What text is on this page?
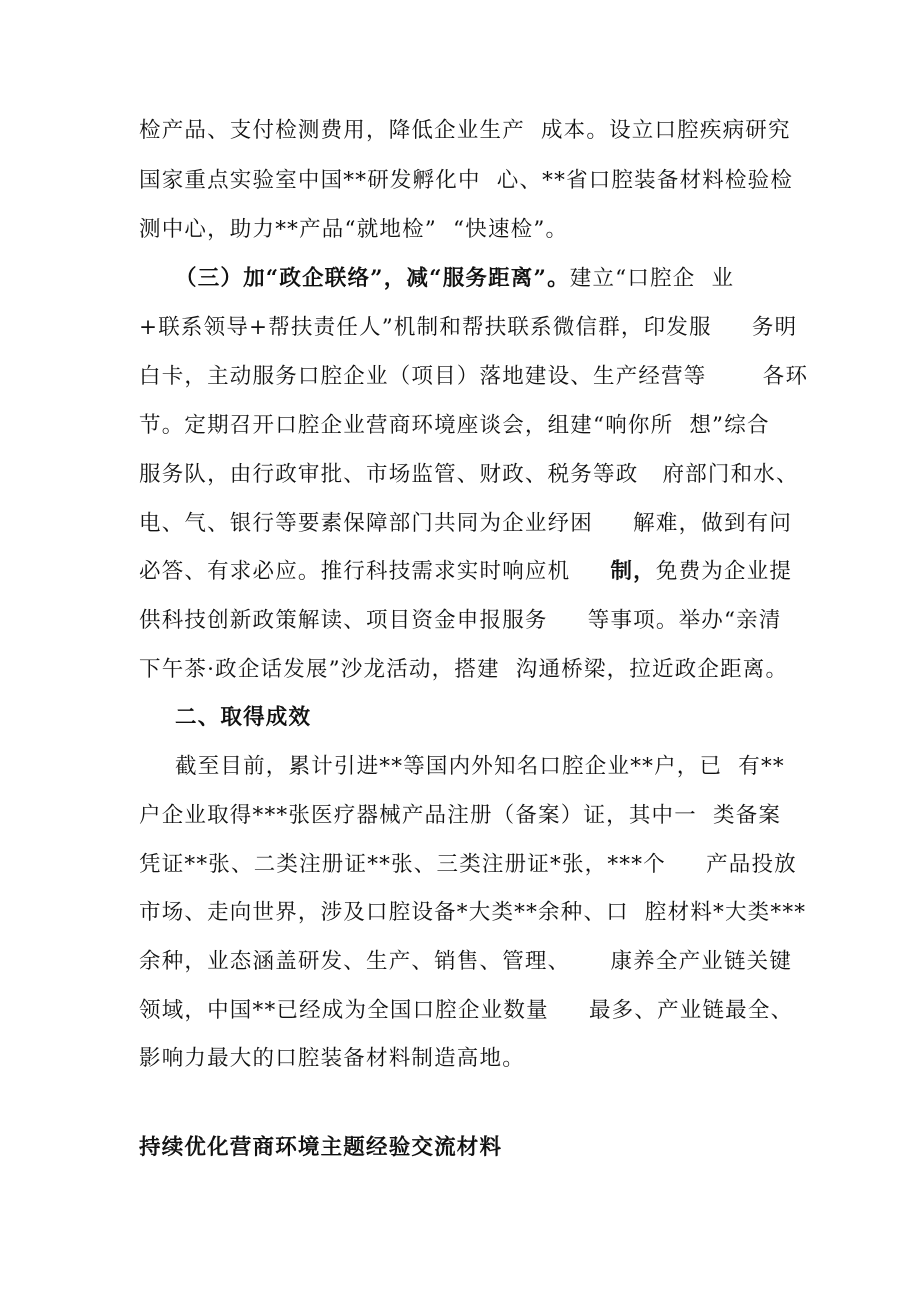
检产品、支付检测费用，降低企业生产  成本。设立口腔疾病研究
国家重点实验室中国**研发孵化中  心、**省口腔装备材料检验检
测中心，助力**产品“就地检”  “快速检”。
（三）加“政企联络”，减“服务距离”。建立“口腔企  业
+联系领导+帮扶责任人”机制和帮扶联系微信群，印发服     务明
白卡，主动服务口腔企业（项目）落地建设、生产经营等       各环
节。定期召开口腔企业营商环境座谈会，组建“响你所  想”综合
服务队，由行政审批、市场监管、财政、税务等政   府部门和水、
电、气、银行等要素保障部门共同为企业纾困     解难，做到有问
必答、有求必应。推行科技需求实时响应机     制，免费为企业提
供科技创新政策解读、项目资金申报服务     等事项。举办“亲清
下午茶·政企话发展”沙龙活动，搭建  沟通桥梁，拉近政企距离。
二、取得成效
截至目前，累计引进**等国内外知名口腔企业**户，已  有**
户企业取得***张医疗器械产品注册（备案）证，其中一  类备案
凭证**张、二类注册证**张、三类注册证*张，***个     产品投放
市场、走向世界，涉及口腔设备*大类**余种、口  腔材料*大类***
余种，业态涵盖研发、生产、销售、管理、     康养全产业链关键
领域，中国**已经成为全国口腔企业数量     最多、产业链最全、
影响力最大的口腔装备材料制造高地。
持续优化营商环境主题经验交流材料
